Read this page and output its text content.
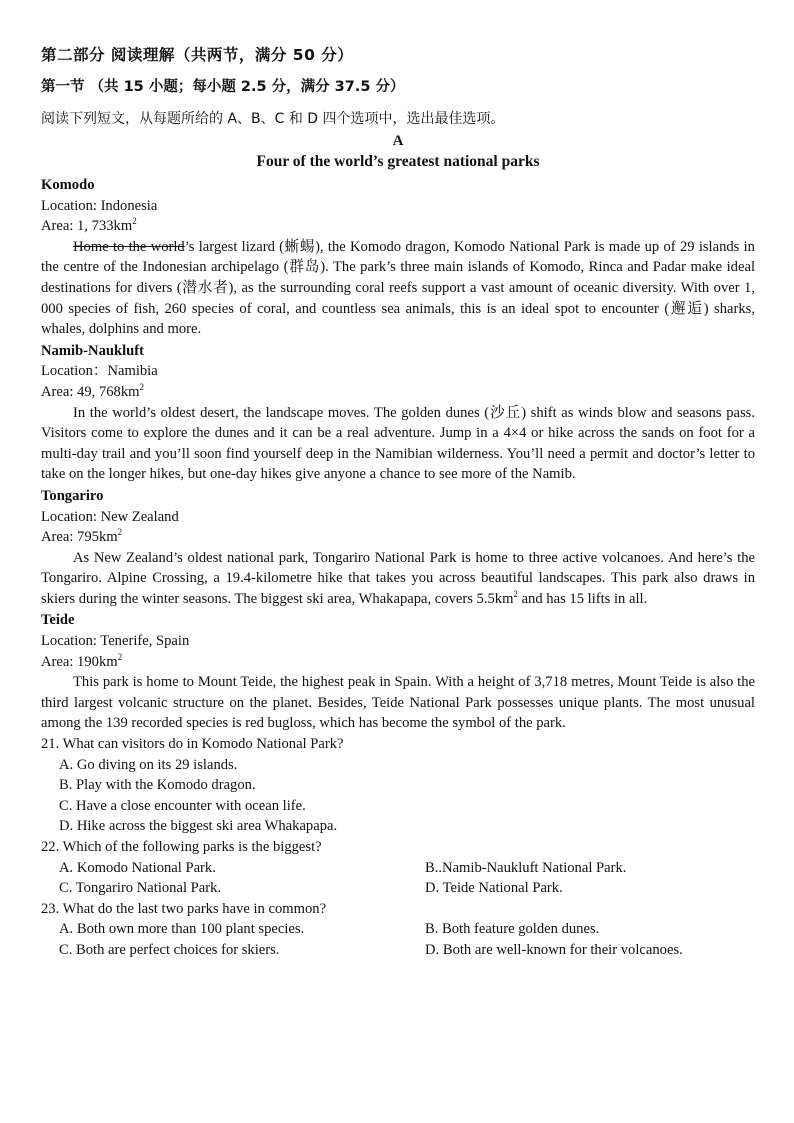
第二部分 阅读理解（共两节，满分 50 分）
第一节 （共 15 小题；每小题 2.5 分，满分 37.5 分）
阅读下列短文，从每题所给的 A、B、C 和 D 四个选项中，选出最佳选项。
A
Four of the world’s greatest national parks
Komodo
Location: Indonesia
Area: 1, $733km^2$
Home to the world’s largest lizard (蜥蜴), the Komodo dragon, Komodo National Park is made up of 29 islands in the centre of the Indonesian archipelago (群岛). The park’s three main islands of Komodo, Rinca and Padar make ideal destinations for divers (潜水者), as the surrounding coral reefs support a vast amount of oceanic diversity. With over 1, 000 species of fish, 260 species of coral, and countless sea animals, this is an ideal spot to encounter (邂逅) sharks, whales, dolphins and more.
Namib-Naukluft
Location：Namibia
Area: 49, $768km^2$
In the world’s oldest desert, the landscape moves. The golden dunes (沙丘) shift as winds blow and seasons pass. Visitors come to explore the dunes and it can be a real adventure. Jump in a 4×4 or hike across the sands on foot for a multi-day trail and you’ll soon find yourself deep in the Namibian wilderness. You’ll need a permit and doctor’s letter to take on the longer hikes, but one-day hikes give anyone a chance to see more of the Namib.
Tongariro
Location: New Zealand
Area: $795km^2$
As New Zealand’s oldest national park, Tongariro National Park is home to three active volcanoes. And here’s the Tongariro. Alpine Crossing, a 19.4-kilometre hike that takes you across beautiful landscapes. This park also draws in skiers during the winter seasons. The biggest ski area, Whakapapa, covers $5.5km^2$ and has 15 lifts in all.
Teide
Location: Tenerife, Spain
Area: $190km^2$
This park is home to Mount Teide, the highest peak in Spain. With a height of 3,718 metres, Mount Teide is also the third largest volcanic structure on the planet. Besides, Teide National Park possesses unique plants. The most unusual among the 139 recorded species is red bugloss, which has become the symbol of the park.
21. What can visitors do in Komodo National Park?
A. Go diving on its 29 islands.
B. Play with the Komodo dragon.
C. Have a close encounter with ocean life.
D. Hike across the biggest ski area Whakapapa.
22. Which of the following parks is the biggest?
A. Komodo National Park.	B..Namib-Naukluft National Park.
C. Tongariro National Park.	D. Teide National Park.
23. What do the last two parks have in common?
A. Both own more than 100 plant species.	B. Both feature golden dunes.
C. Both are perfect choices for skiers.	D. Both are well-known for their volcanoes.
